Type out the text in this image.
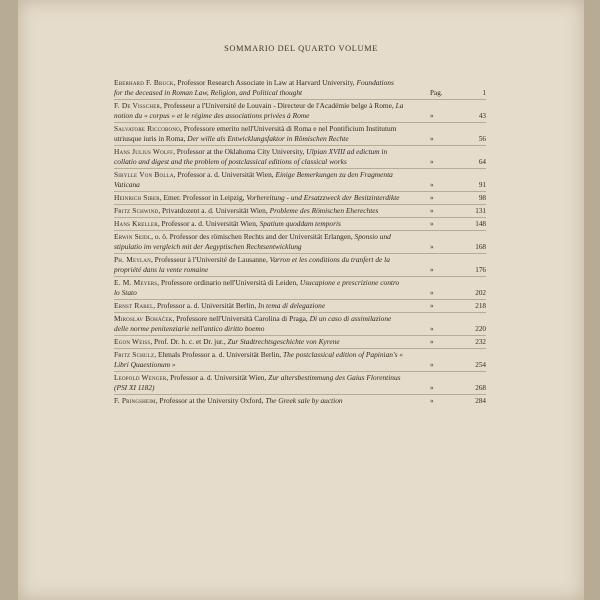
SOMMARIO DEL QUARTO VOLUME
Eberhard F. Bruck, Professor Research Associate in Law at Harvard University, Foundations for the deceased in Roman Law, Religion, and Political thought	Pag.	1
F. De Visscher, Professeur a l'Université de Louvain - Directeur de l'Académie belge à Rome, La notion du « corpus » et le régime des associations privées à Rome	»	43
Salvatore Riccobono, Professore emerito nell'Università di Roma e nel Pontificium Institutum utriusque iuris in Roma, Der wille als Entwicklungsfaktor in Römischen Rechte	»	56
Hans Julius Wolff, Professor at the Oklahoma City University, Ulpian XVIII ad edictum in collatio and digest and the problem of postclassical editions of classical works	»	64
Sibylle Von Bolla, Professor a. d. Universität Wien, Einige Bemerkungen zu den Fragmenta Vaticana	»	91
Heinrich Siber, Emer. Professor in Leipzig, Vorbereitung - und Ersatzzweck der Besitzinterdikte	»	98
Fritz Schwind, Privatdozent a. d. Universität Wien, Probleme des Römischen Eherechtes	»	131
Hans Kreller, Professor a. d. Universität Wien, Spatium quoddam temporis	»	148
Erwin Seidl, o. ö. Professor des römischen Rechts and der Universität Erlangen, Sponsio und stipulatio im vergleich mit der Aegyptischen Rechtsentwicklung	»	168
Ph. Meylan, Professeur à l'Université de Lausanne, Varron et les conditions du tranfert de la propriété dans la vente romaine	»	176
E. M. Meyers, Professore ordinario nell'Università di Leiden, Usucapione e prescrizione contro lo Stato	»	202
Ernst Rabel, Professor a. d. Universität Berlin, In tema di delegazione	»	218
Miroslav Boháček, Professore nell'Università Carolina di Praga, Di un caso di assimilazione delle norme penitenziarie nell'antico diritto boemo	»	220
Egon Weiss, Prof. Dr. h. c. et Dr. jur., Zur Stadtrechtsgeschichte von Kyrene	»	232
Fritz Schulz, Ehmals Professor a. d. Universität Berlin, The postclassical edition of Papinian's « Libri Quaestionum »	»	254
Leopold Wenger, Professor a. d. Universität Wien, Zur altersbestimmung des Gaius Florentinus (PSI XI 1182)	»	268
F. Pringsheim, Professor at the University Oxford, The Greek sale by auction	»	284
